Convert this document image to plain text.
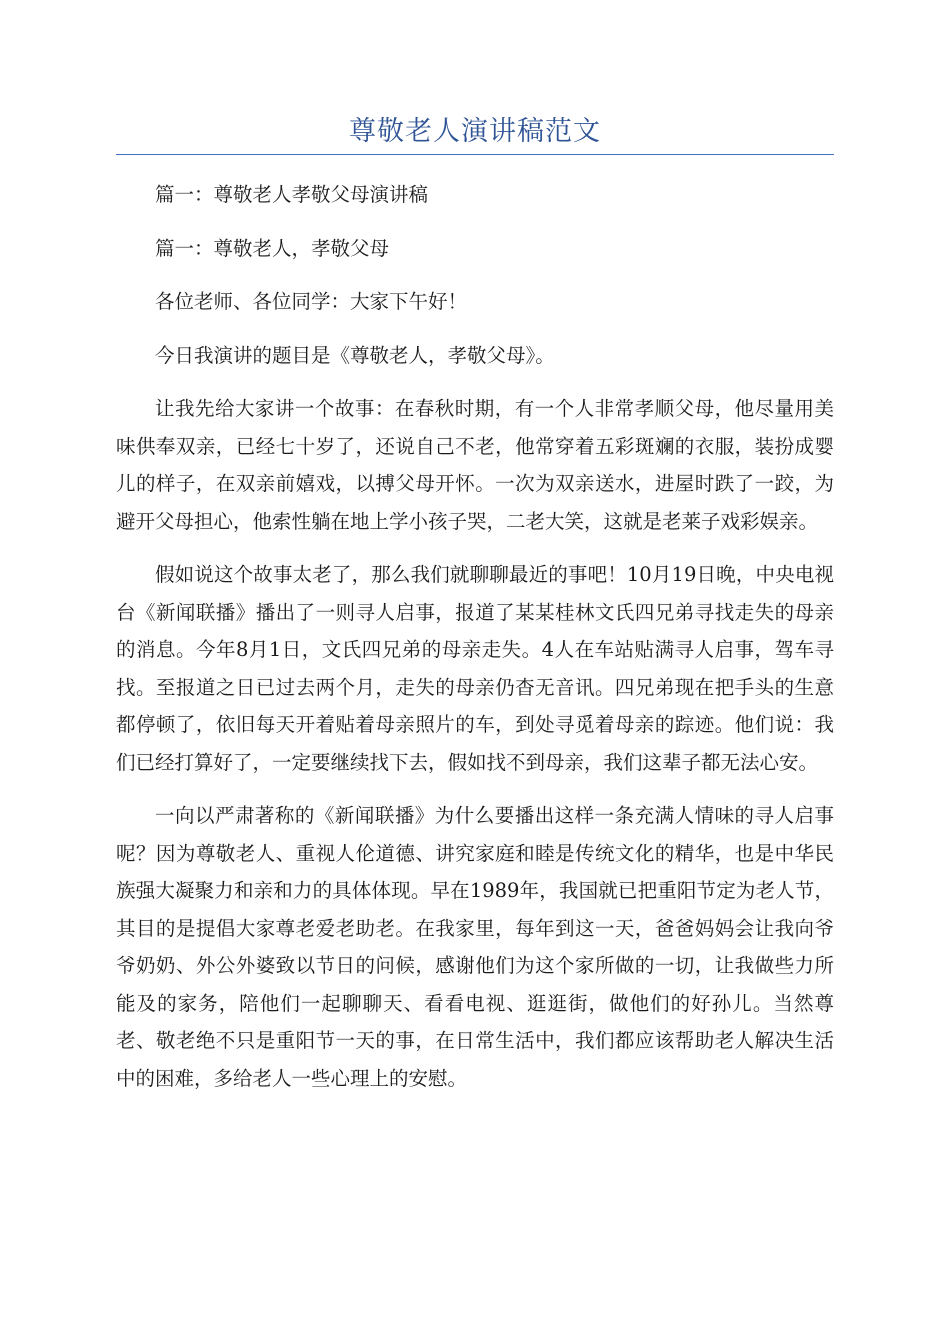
尊敬老人演讲稿范文

篇一：尊敬老人孝敬父母演讲稿

篇一：尊敬老人，孝敬父母

各位老师、各位同学：大家下午好！

今日我演讲的题目是《尊敬老人，孝敬父母》。

让我先给大家讲一个故事：在春秋时期，有一个人非常孝顺父母，他尽量用美味供奉双亲，已经七十岁了，还说自己不老，他常穿着五彩斑斓的衣服，装扮成婴儿的样子，在双亲前嬉戏，以搏父母开怀。一次为双亲送水，进屋时跌了一跤，为避开父母担心，他索性躺在地上学小孩子哭，二老大笑，这就是老莱子戏彩娱亲。

假如说这个故事太老了，那么我们就聊聊最近的事吧！10月19日晚，中央电视台《新闻联播》播出了一则寻人启事，报道了某某桂林文氏四兄弟寻找走失的母亲的消息。今年8月1日，文氏四兄弟的母亲走失。4人在车站贴满寻人启事，驾车寻找。至报道之日已过去两个月，走失的母亲仍杳无音讯。四兄弟现在把手头的生意都停顿了，依旧每天开着贴着母亲照片的车，到处寻觅着母亲的踪迹。他们说：我们已经打算好了，一定要继续找下去，假如找不到母亲，我们这辈子都无法心安。

一向以严肃著称的《新闻联播》为什么要播出这样一条充满人情味的寻人启事呢？因为尊敬老人、重视人伦道德、讲究家庭和睦是传统文化的精华，也是中华民族强大凝聚力和亲和力的具体体现。早在1989年，我国就已把重阳节定为老人节，其目的是提倡大家尊老爱老助老。在我家里，每年到这一天，爸爸妈妈会让我向爷爷奶奶、外公外婆致以节日的问候，感谢他们为这个家所做的一切，让我做些力所能及的家务，陪他们一起聊聊天、看看电视、逛逛街，做他们的好孙儿。当然尊老、敬老绝不只是重阳节一天的事，在日常生活中，我们都应该帮助老人解决生活中的困难，多给老人一些心理上的安慰。
